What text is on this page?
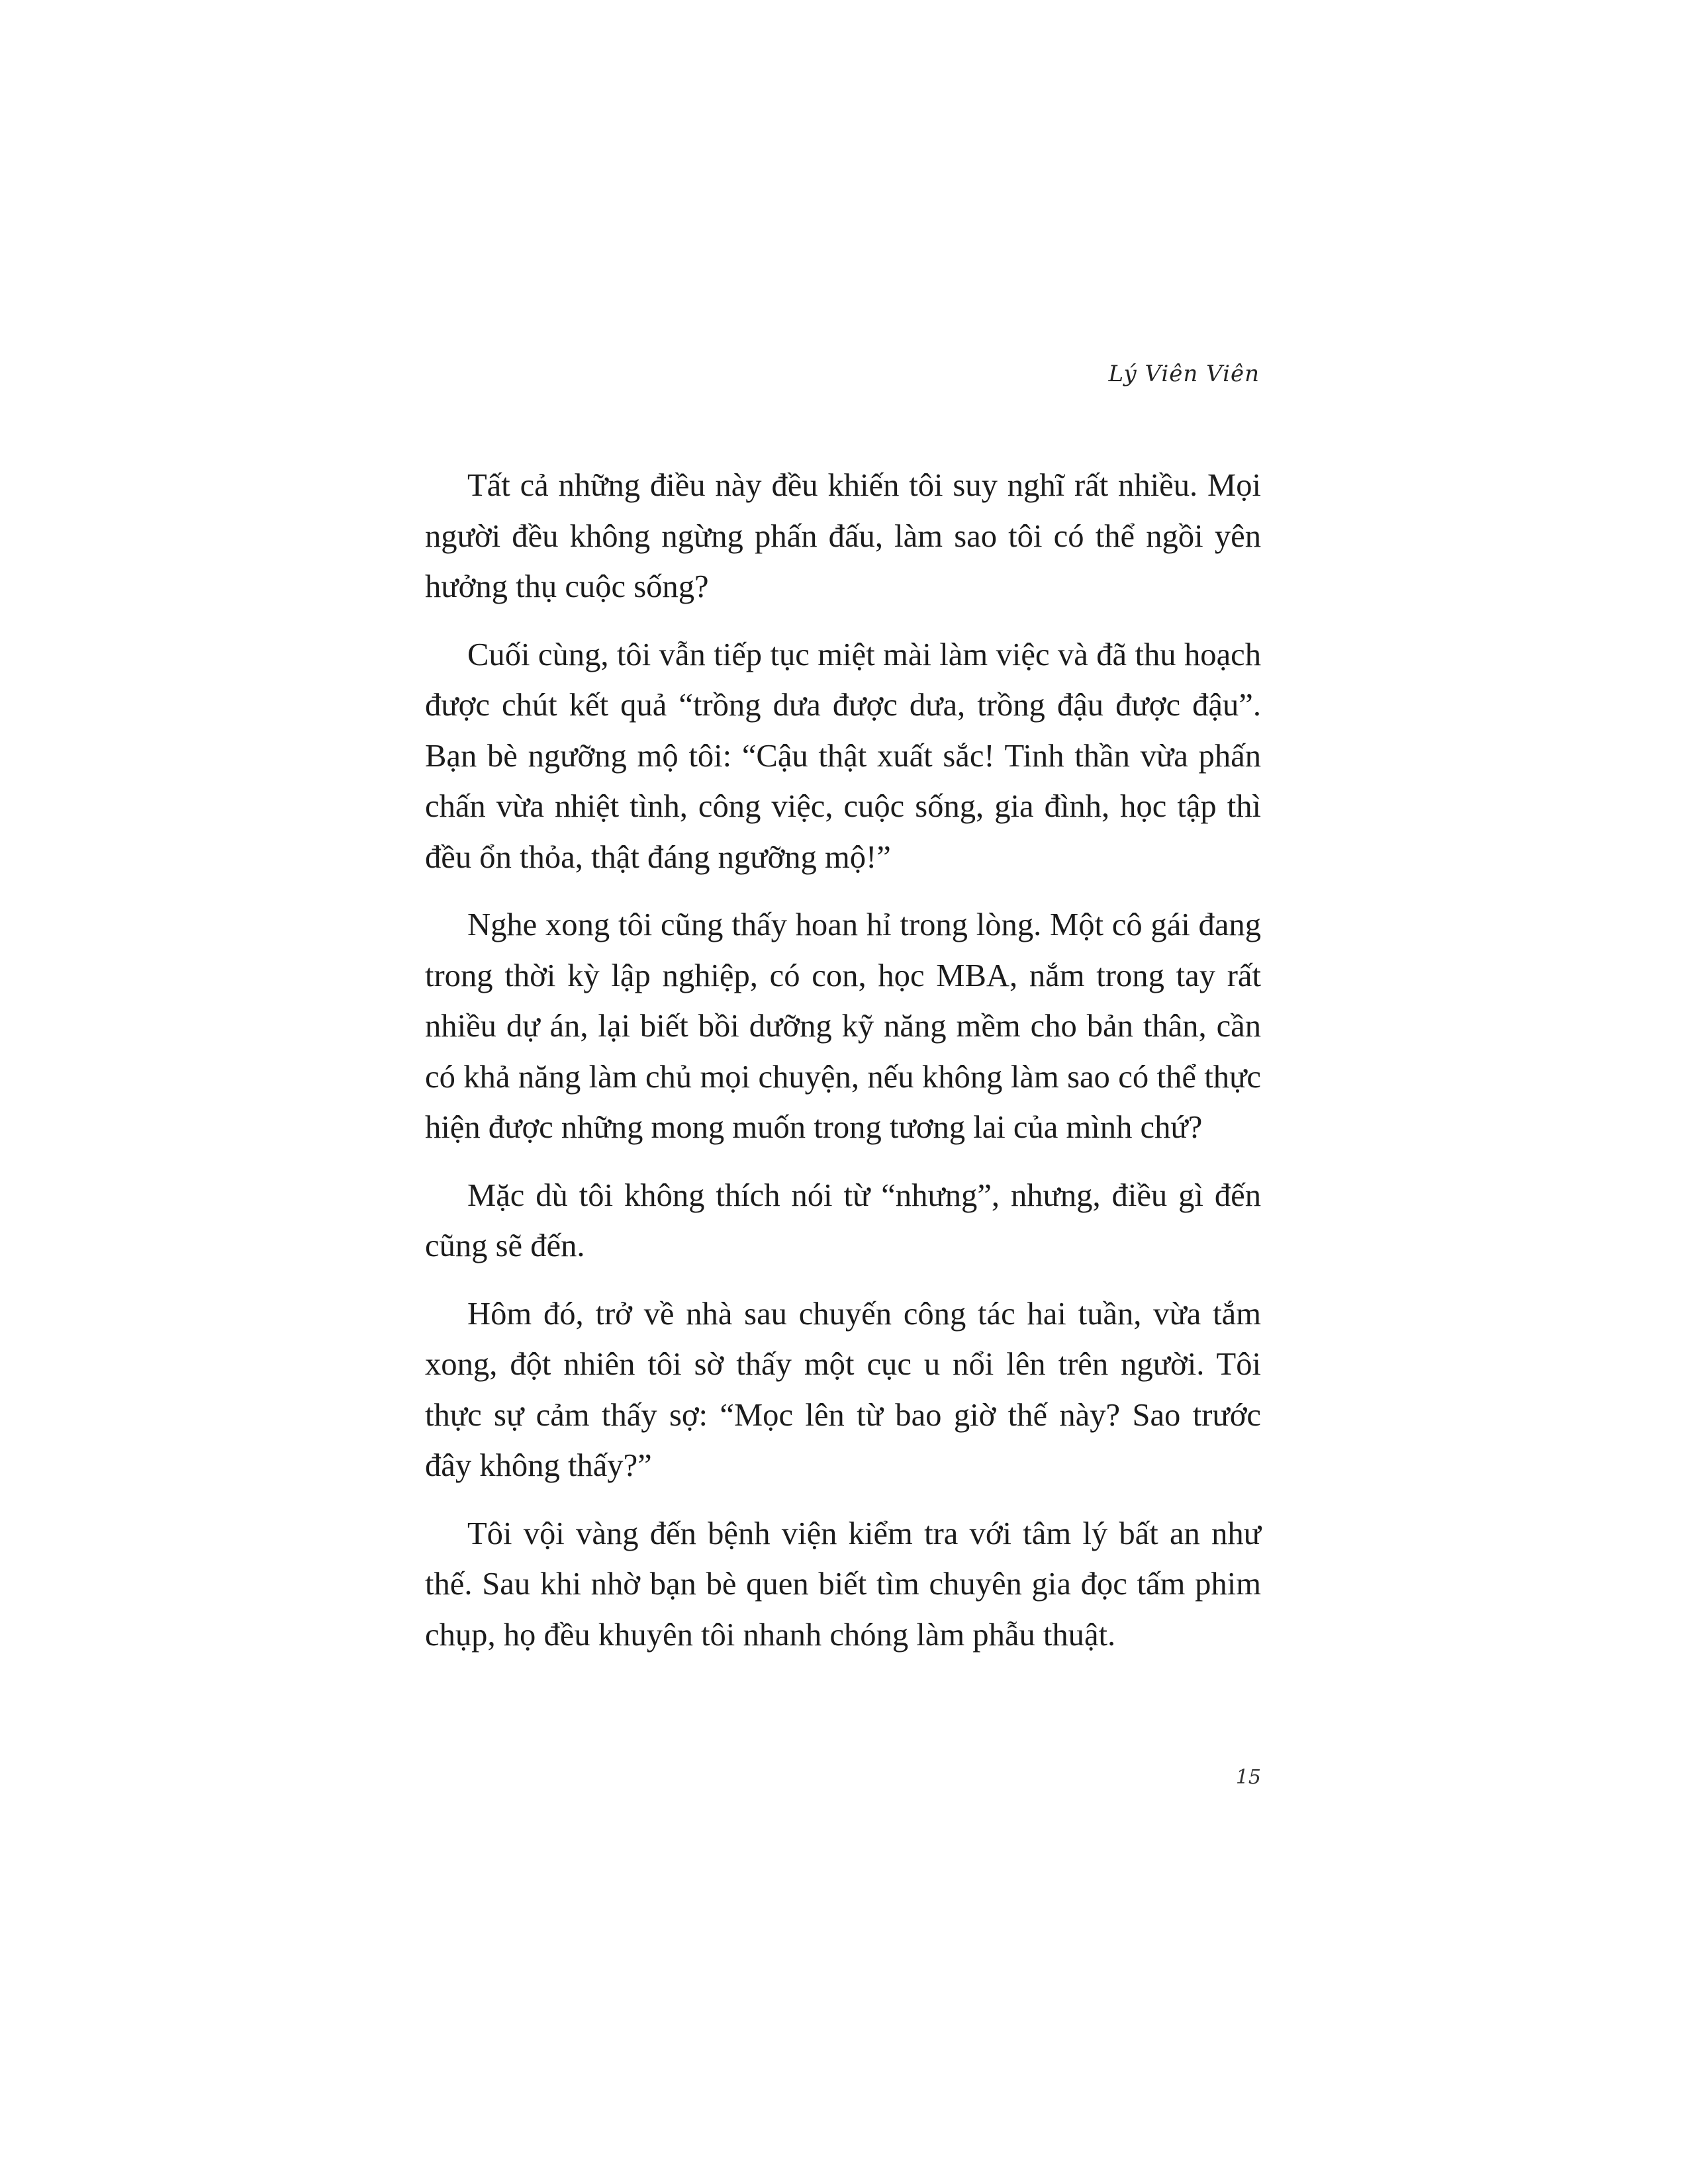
Lý Viên Viên

Tất cả những điều này đều khiến tôi suy nghĩ rất nhiều. Mọi người đều không ngừng phấn đấu, làm sao tôi có thể ngồi yên hưởng thụ cuộc sống?

Cuối cùng, tôi vẫn tiếp tục miệt mài làm việc và đã thu hoạch được chút kết quả “trồng dưa được dưa, trồng đậu được đậu”. Bạn bè ngưỡng mộ tôi: “Cậu thật xuất sắc! Tinh thần vừa phấn chấn vừa nhiệt tình, công việc, cuộc sống, gia đình, học tập thì đều ổn thỏa, thật đáng ngưỡng mộ!”

Nghe xong tôi cũng thấy hoan hỉ trong lòng. Một cô gái đang trong thời kỳ lập nghiệp, có con, học MBA, nắm trong tay rất nhiều dự án, lại biết bồi dưỡng kỹ năng mềm cho bản thân, cần có khả năng làm chủ mọi chuyện, nếu không làm sao có thể thực hiện được những mong muốn trong tương lai của mình chứ?

Mặc dù tôi không thích nói từ “nhưng”, nhưng, điều gì đến cũng sẽ đến.

Hôm đó, trở về nhà sau chuyến công tác hai tuần, vừa tắm xong, đột nhiên tôi sờ thấy một cục u nổi lên trên người. Tôi thực sự cảm thấy sợ: “Mọc lên từ bao giờ thế này? Sao trước đây không thấy?”

Tôi vội vàng đến bệnh viện kiểm tra với tâm lý bất an như thế. Sau khi nhờ bạn bè quen biết tìm chuyên gia đọc tấm phim chụp, họ đều khuyên tôi nhanh chóng làm phẫu thuật.

15
